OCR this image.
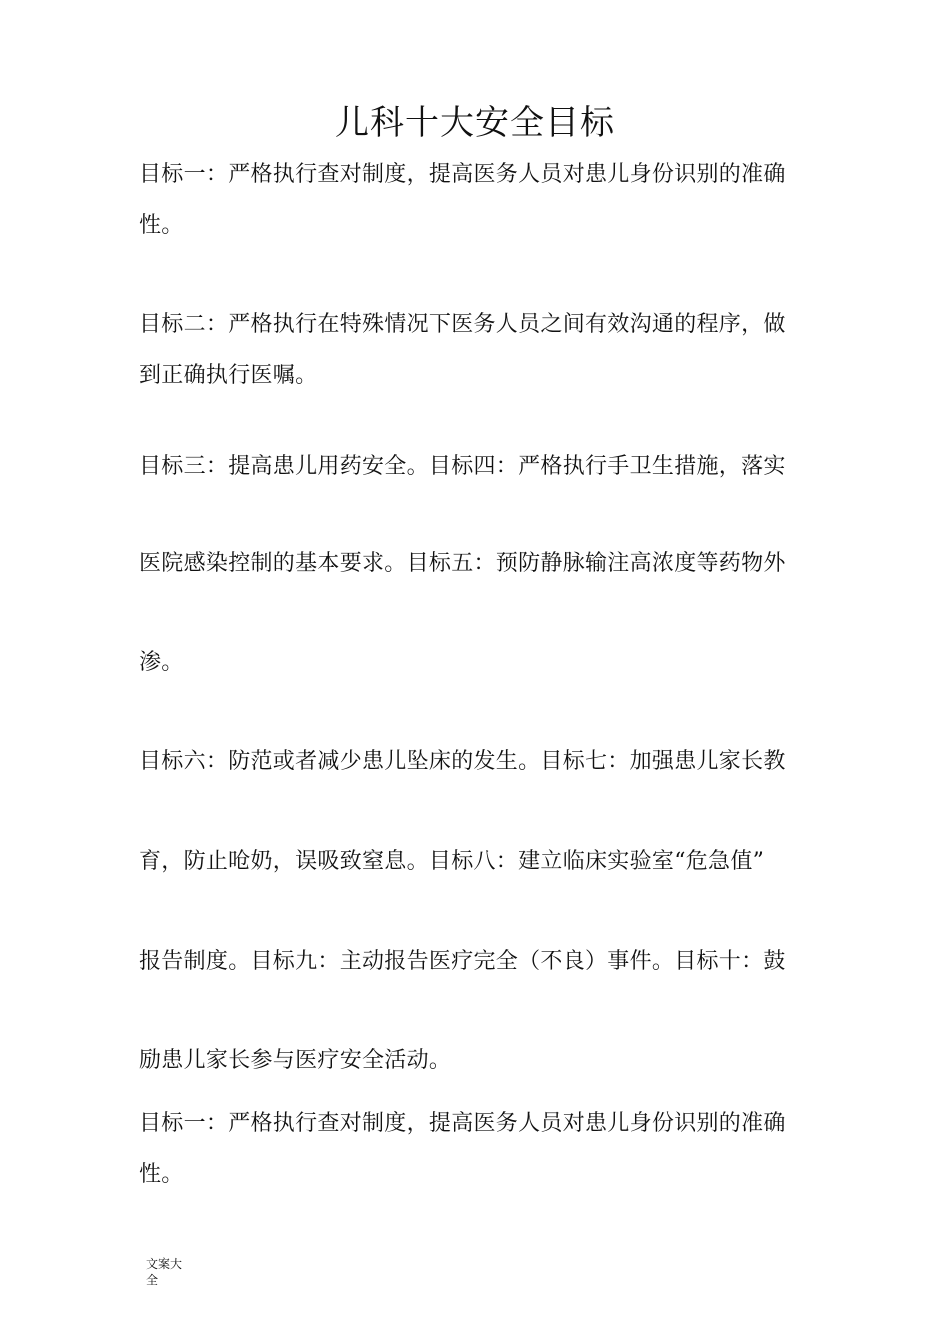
儿科十大安全目标
目标一：严格执行查对制度，提高医务人员对患儿身份识别的准确
性。
目标二：严格执行在特殊情况下医务人员之间有效沟通的程序，做
到正确执行医嘱。
目标三：提高患儿用药安全。目标四：严格执行手卫生措施，落实
医院感染控制的基本要求。目标五：预防静脉输注高浓度等药物外
渗。
目标六：防范或者减少患儿坠床的发生。目标七：加强患儿家长教
育，防止呛奶，误吸致窒息。目标八：建立临床实验室“危急值”
报告制度。目标九：主动报告医疗完全（不良）事件。目标十：鼓
励患儿家长参与医疗安全活动。
目标一：严格执行查对制度，提高医务人员对患儿身份识别的准确
性。
文案大
全
